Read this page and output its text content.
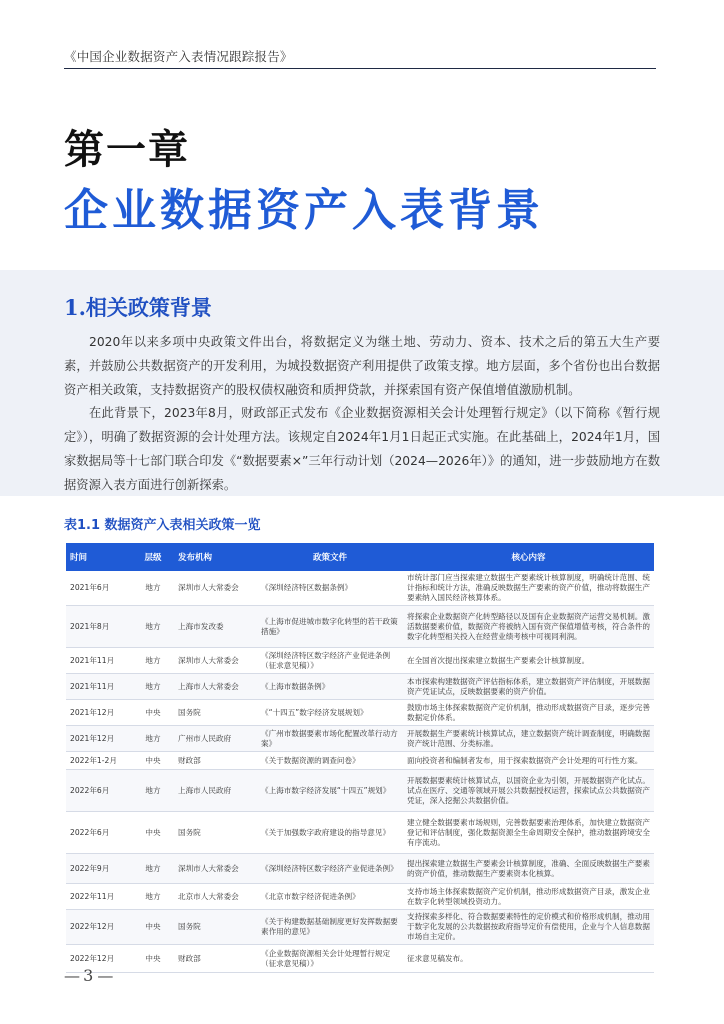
《中国企业数据资产入表情况跟踪报告》
第一章
企业数据资产入表背景
1.相关政策背景
2020年以来多项中央政策文件出台，将数据定义为继土地、劳动力、资本、技术之后的第五大生产要素，并鼓励公共数据资产的开发利用，为城投数据资产利用提供了政策支撑。地方层面，多个省份也出台数据资产相关政策，支持数据资产的股权债权融资和质押贷款，并探索国有资产保值增值激励机制。
在此背景下，2023年8月，财政部正式发布《企业数据资源相关会计处理暂行规定》（以下简称《暂行规定》），明确了数据资源的会计处理方法。该规定自2024年1月1日起正式实施。在此基础上，2024年1月，国家数据局等十七部门联合印发《“数据要素×”三年行动计划（2024—2026年）》的通知，进一步鼓励地方在数据资源入表方面进行创新探索。
表1.1 数据资产入表相关政策一览
时间	层级	发布机构	政策文件	核心内容
2021年6月	地方	深圳市人大常委会	《深圳经济特区数据条例》	市统计部门应当探索建立数据生产要素统计核算制度，明确统计范围、统计指标和统计方法，准确反映数据生产要素的资产价值，推动将数据生产要素纳入国民经济核算体系。
2021年8月	地方	上海市发改委	《上海市促进城市数字化转型的若干政策措施》	将探索企业数据资产化转型路径以及国有企业数据资产运营交易机制。激活数据要素价值，数据资产将被纳入国有资产保值增值考核，符合条件的数字化转型相关投入在经营业绩考核中可视同利润。
2021年11月	地方	深圳市人大常委会	《深圳经济特区数字经济产业促进条例（征求意见稿）》	在全国首次提出探索建立数据生产要素会计核算制度。
2021年11月	地方	上海市人大常委会	《上海市数据条例》	本市探索构建数据资产评估指标体系，建立数据资产评估制度，开展数据资产凭证试点，反映数据要素的资产价值。
2021年12月	中央	国务院	《“十四五”数字经济发展规划》	鼓励市场主体探索数据资产定价机制，推动形成数据资产目录，逐步完善数据定价体系。
2021年12月	地方	广州市人民政府	《广州市数据要素市场化配置改革行动方案》	开展数据生产要素统计核算试点，建立数据资产统计调查制度，明确数据资产统计范围、分类标准。
2022年1-2月	中央	财政部	《关于数据资源的调查问卷》	面向投资者和编制者发布，用于探索数据资产会计处理的可行性方案。
2022年6月	地方	上海市人民政府	《上海市数字经济发展“十四五”规划》	开展数据要素统计核算试点，以国资企业为引领，开展数据资产化试点。试点在医疗、交通等领域开展公共数据授权运营，探索试点公共数据资产凭证，深入挖掘公共数据价值。
2022年6月	中央	国务院	《关于加强数字政府建设的指导意见》	建立健全数据要素市场规则，完善数据要素治理体系，加快建立数据资产登记和评估制度，强化数据资源全生命周期安全保护，推动数据跨境安全有序流动。
2022年9月	地方	深圳市人大常委会	《深圳经济特区数字经济产业促进条例》	提出探索建立数据生产要素会计核算制度，准确、全面反映数据生产要素的资产价值，推动数据生产要素资本化核算。
2022年11月	地方	北京市人大常委会	《北京市数字经济促进条例》	支持市场主体探索数据资产定价机制，推动形成数据资产目录，激发企业在数字化转型领域投资动力。
2022年12月	中央	国务院	《关于构建数据基础制度更好发挥数据要素作用的意见》	支持探索多样化、符合数据要素特性的定价模式和价格形成机制，推动用于数字化发展的公共数据按政府指导定价有偿使用，企业与个人信息数据市场自主定价。
2022年12月	中央	财政部	《企业数据资源相关会计处理暂行规定（征求意见稿）》	征求意见稿发布。
— 3 —
